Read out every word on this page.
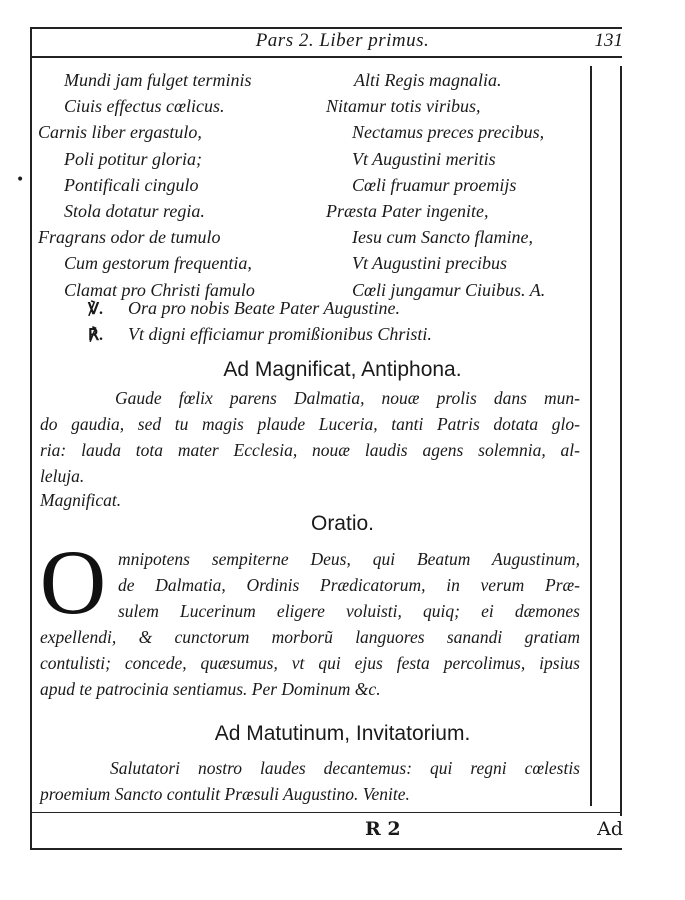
Pars 2. Liber primus.	131
•
Mundi jam fulget terminis
Ciuis effectus cœlicus.
Carnis liber ergastulo,
Poli potitur gloria;
Pontificali cingulo
Stola dotatur regia.
Fragrans odor de tumulo
Cum gestorum frequentia,
Clamat pro Christi famulo
Alti Regis magnalia.
Nitamur totis viribus,
Nectamus preces precibus,
Vt Augustini meritis
Cœli fruamur proemijs
Præsta Pater ingenite,
Iesu cum Sancto flamine,
Vt Augustini precibus
Cœli jungamur Ciuibus. A.
℣. Ora pro nobis Beate Pater Augustine.
℟. Vt digni efficiamur promißionibus Christi.
Ad Magnificat, Antiphona.
Gaude fœlix parens Dalmatia, nouæ prolis dans mun-
do gaudia, sed tu magis plaude Luceria, tanti Patris dotata glo-
ria: lauda tota mater Ecclesia, nouæ laudis agens solemnia, al-
leluja.
Magnificat.
Oratio.
O mnipotens sempiterne Deus, qui Beatum Augustinum,
de Dalmatia, Ordinis Prædicatorum, in verum Præ-
sulem Lucerinum eligere voluisti, quiq; ei dæmones
expellendi, & cunctorum morborũ languores sanandi gratiam
contulisti; concede, quæsumus, vt qui ejus festa percolimus, ipsius
apud te patrocinia sentiamus. Per Dominum &c.
Ad Matutinum, Invitatorium.
Salutatori nostro laudes decantemus: qui regni cœlestis
proemium Sancto contulit Præsuli Augustino. Venite.
R 2	Ad
